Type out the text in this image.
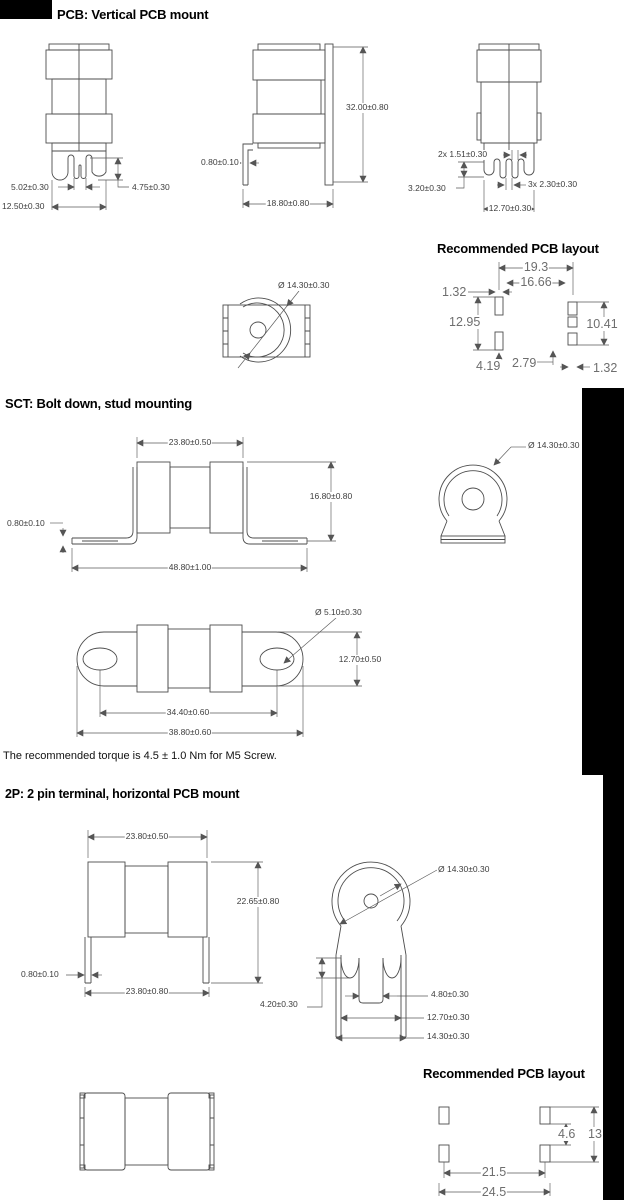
PCB: Vertical PCB mount
5.02±0.30	4.75±0.30
12.50±0.30
32.00±0.80
0.80±0.10
18.80±0.80
2x 1.51±0.30
3.20±0.30	3x 2.30±0.30
12.70±0.30
Ø 14.30±0.30
Recommended PCB layout
19.3
16.66
1.32
12.95	10.41
4.19 2.79	1.32
SCT: Bolt down, stud mounting
23.80±0.50
16.80±0.80
0.80±0.10
48.80±1.00
Ø 14.30±0.30
Ø 5.10±0.30
12.70±0.50
34.40±0.60
38.80±0.60
The recommended torque is 4.5 ± 1.0 Nm for M5 Screw.
2P: 2 pin terminal, horizontal PCB mount
23.80±0.50
22.65±0.80
0.80±0.10
23.80±0.80
Ø 14.30±0.30
4.20±0.30
4.80±0.30
12.70±0.30
14.30±0.30
Recommended PCB layout
4.6 13
21.5
24.5
